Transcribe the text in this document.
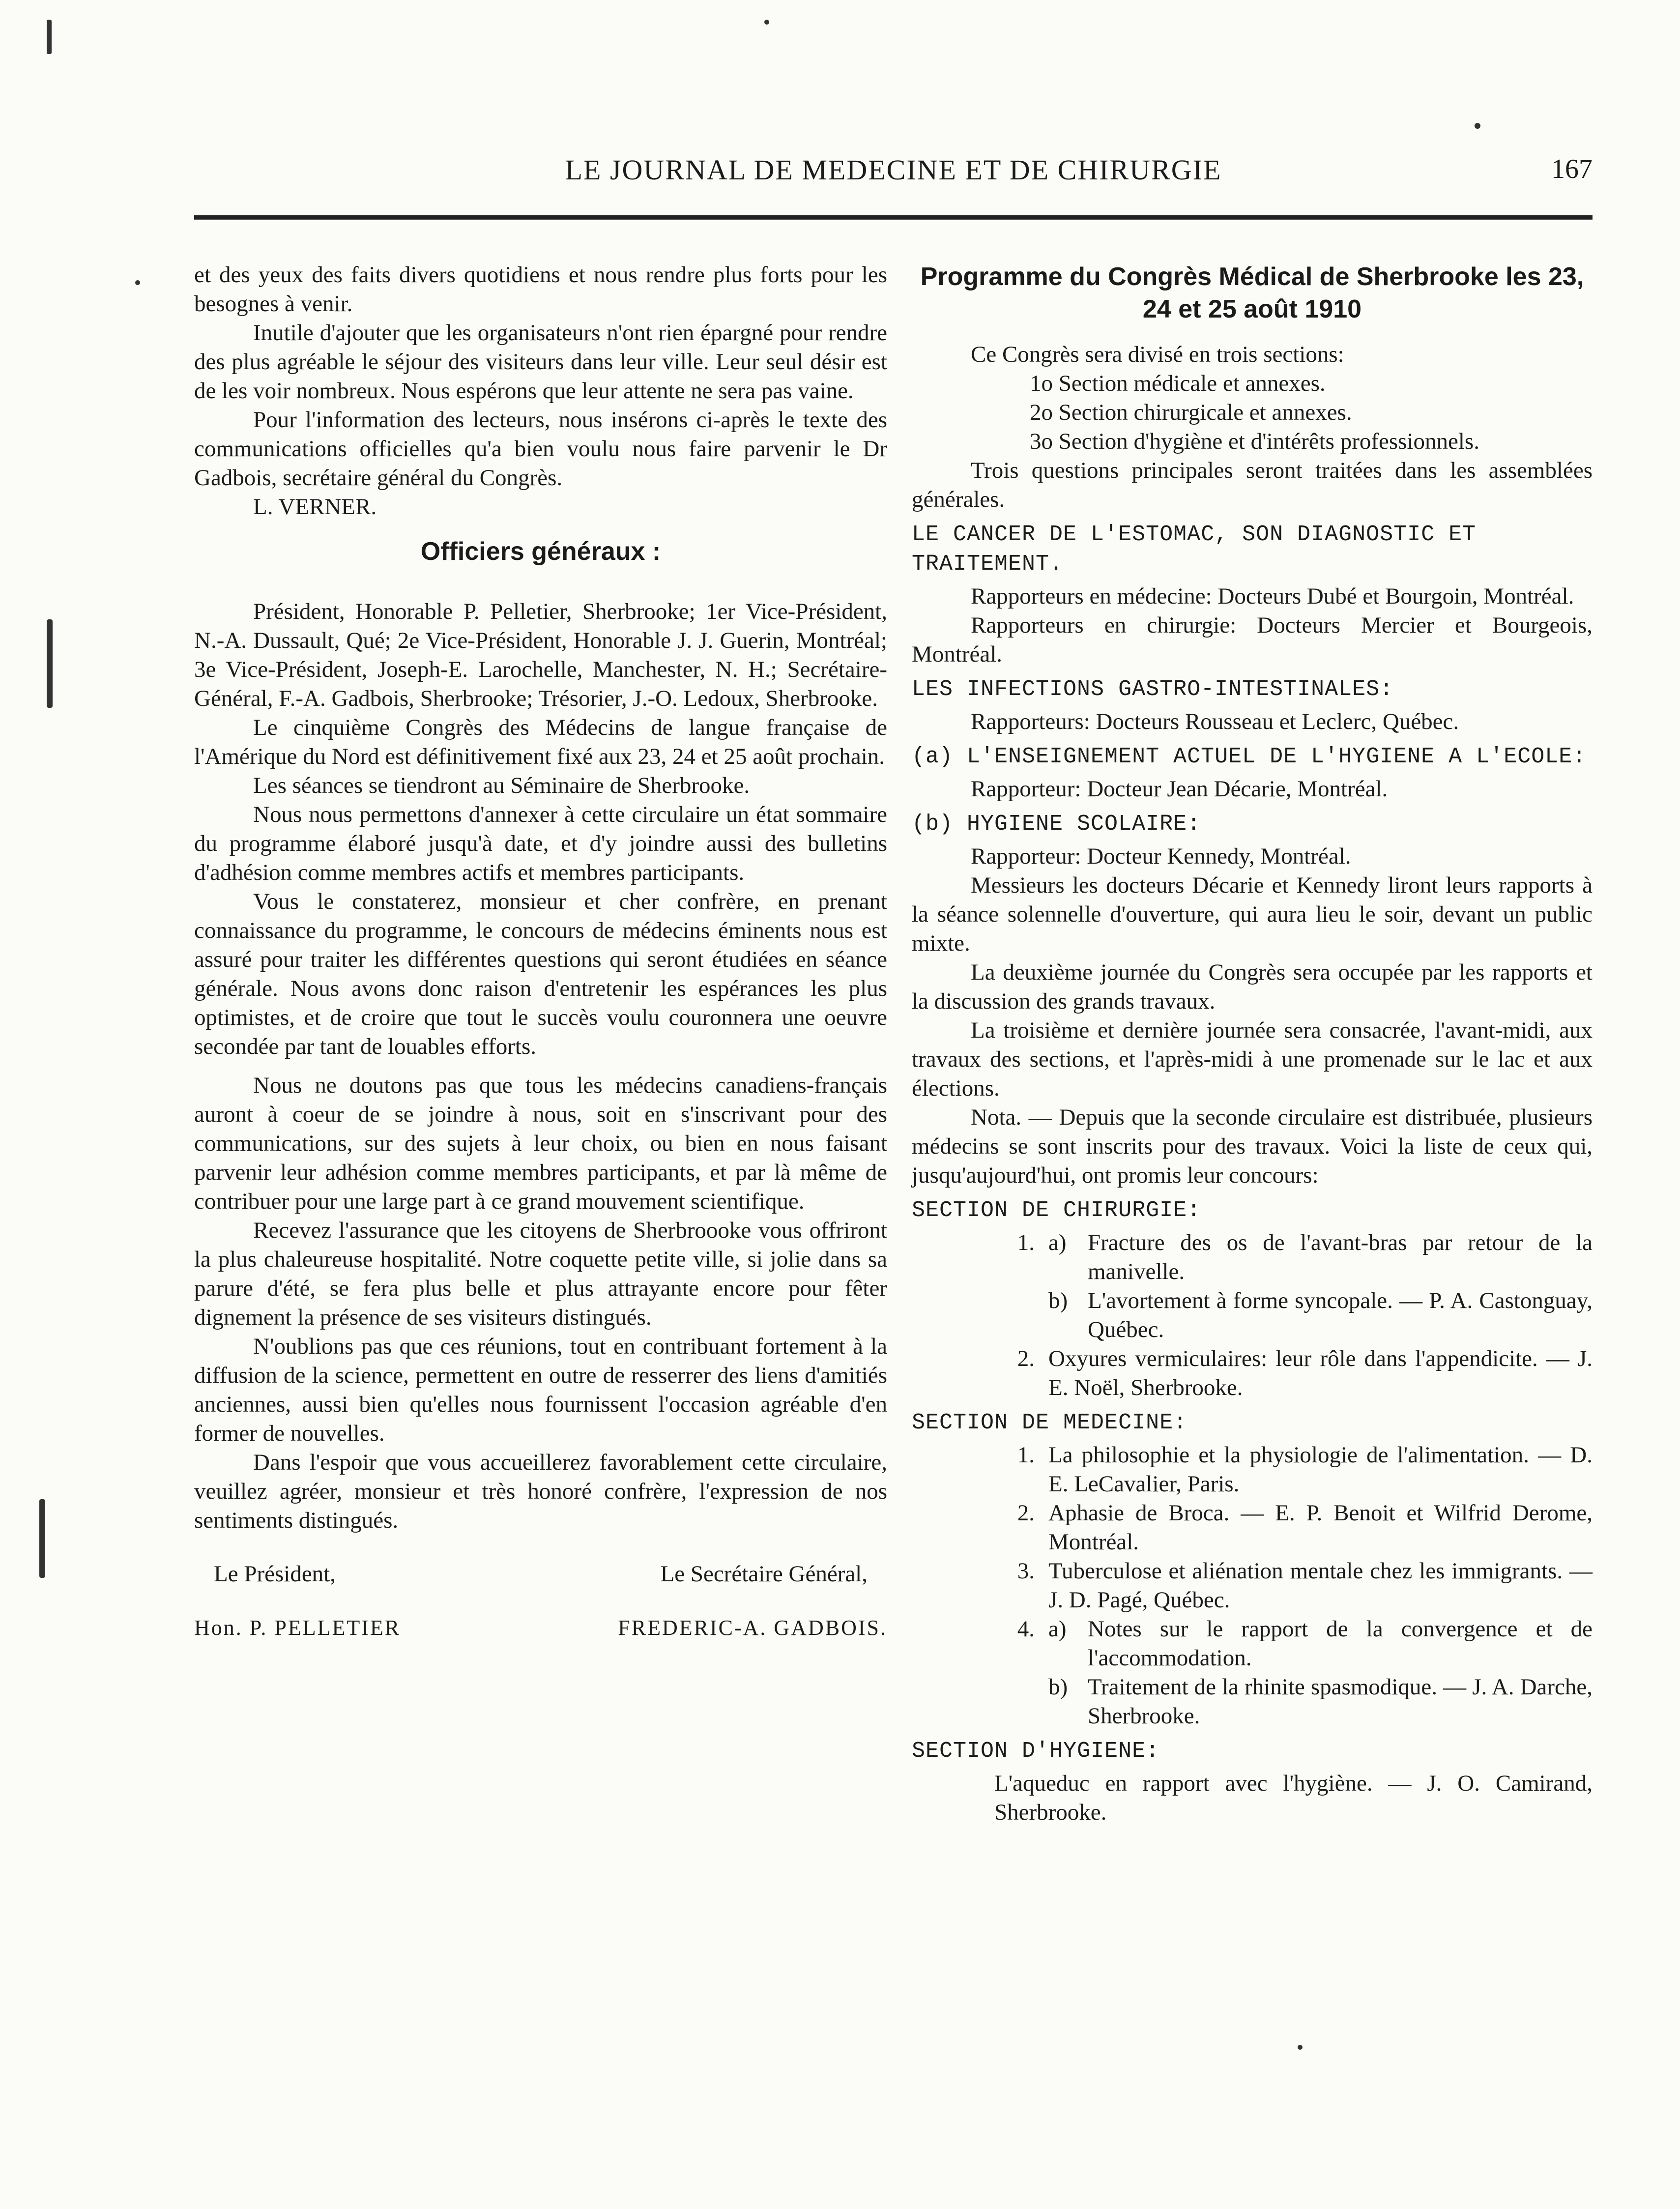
LE JOURNAL DE MEDECINE ET DE CHIRURGIE	167

et des yeux des faits divers quotidiens et nous rendre plus forts pour les besognes à venir.

Inutile d'ajouter que les organisateurs n'ont rien épargné pour rendre des plus agréable le séjour des visiteurs dans leur ville. Leur seul désir est de les voir nombreux. Nous espérons que leur attente ne sera pas vaine.

Pour l'information des lecteurs, nous insérons ci-après le texte des communications officielles qu'a bien voulu nous faire parvenir le Dr Gadbois, secrétaire général du Congrès.

L. VERNER.

Officiers généraux :

Président, Honorable P. Pelletier, Sherbrooke; 1er Vice-Président, N.-A. Dussault, Qué; 2e Vice-Président, Honorable J. J. Guerin, Montréal; 3e Vice-Président, Joseph-E. Larochelle, Manchester, N. H.; Secrétaire-Général, F.-A. Gadbois, Sherbrooke; Trésorier, J.-O. Ledoux, Sherbrooke.

Le cinquième Congrès des Médecins de langue française de l'Amérique du Nord est définitivement fixé aux 23, 24 et 25 août prochain.

Les séances se tiendront au Séminaire de Sherbrooke.

Nous nous permettons d'annexer à cette circulaire un état sommaire du programme élaboré jusqu'à date, et d'y joindre aussi des bulletins d'adhésion comme membres actifs et membres participants.

Vous le constaterez, monsieur et cher confrère, en prenant connaissance du programme, le concours de médecins éminents nous est assuré pour traiter les différentes questions qui seront étudiées en séance générale. Nous avons donc raison d'entretenir les espérances les plus optimistes, et de croire que tout le succès voulu couronnera une oeuvre secondée par tant de louables efforts.

Nous ne doutons pas que tous les médecins canadiens-français auront à coeur de se joindre à nous, soit en s'inscrivant pour des communications, sur des sujets à leur choix, ou bien en nous faisant parvenir leur adhésion comme membres participants, et par là même de contribuer pour une large part à ce grand mouvement scientifique.

Recevez l'assurance que les citoyens de Sherbroooke vous offriront la plus chaleureuse hospitalité. Notre coquette petite ville, si jolie dans sa parure d'été, se fera plus belle et plus attrayante encore pour fêter dignement la présence de ses visiteurs distingués.

N'oublions pas que ces réunions, tout en contribuant fortement à la diffusion de la science, permettent en outre de resserrer des liens d'amitiés anciennes, aussi bien qu'elles nous fournissent l'occasion agréable d'en former de nouvelles.

Dans l'espoir que vous accueillerez favorablement cette circulaire, veuillez agréer, monsieur et très honoré confrère, l'expression de nos sentiments distingués.

Le Président,
Hon. P. PELLETIER
Le Secrétaire Général,
FREDERIC-A. GADBOIS.
Programme du Congrès Médical de Sherbrooke les 23, 24 et 25 août 1910

Ce Congrès sera divisé en trois sections:

1o Section médicale et annexes.

2o Section chirurgicale et annexes.

3o Section d'hygiène et d'intérêts professionnels.

Trois questions principales seront traitées dans les assemblées générales.

LE CANCER DE L'ESTOMAC, SON DIAGNOSTIC ET TRAITEMENT.

Rapporteurs en médecine: Docteurs Dubé et Bourgoin, Montréal.

Rapporteurs en chirurgie: Docteurs Mercier et Bourgeois, Montréal.

LES INFECTIONS GASTRO-INTESTINALES:

Rapporteurs: Docteurs Rousseau et Leclerc, Québec.

(a) L'ENSEIGNEMENT ACTUEL DE L'HYGIENE A L'ECOLE:

Rapporteur: Docteur Jean Décarie, Montréal.

(b) HYGIENE SCOLAIRE:

Rapporteur: Docteur Kennedy, Montréal.

Messieurs les docteurs Décarie et Kennedy liront leurs rapports à la séance solennelle d'ouverture, qui aura lieu le soir, devant un public mixte.

La deuxième journée du Congrès sera occupée par les rapports et la discussion des grands travaux.

La troisième et dernière journée sera consacrée, l'avant-midi, aux travaux des sections, et l'après-midi à une promenade sur le lac et aux élections.

Nota. — Depuis que la seconde circulaire est distribuée, plusieurs médecins se sont inscrits pour des travaux. Voici la liste de ceux qui, jusqu'aujourd'hui, ont promis leur concours:

SECTION DE CHIRURGIE:
1. a) Fracture des os de l'avant-bras par retour de la manivelle.
b) L'avortement à forme syncopale. — P. A. Castonguay, Québec.
2. Oxyures vermiculaires: leur rôle dans l'appendicite. — J. E. Noël, Sherbrooke.
SECTION DE MEDECINE:
1. La philosophie et la physiologie de l'alimentation. — D. E. LeCavalier, Paris.
2. Aphasie de Broca. — E. P. Benoit et Wilfrid Derome, Montréal.
3. Tuberculose et aliénation mentale chez les immigrants. — J. D. Pagé, Québec.
4. a) Notes sur le rapport de la convergence et de l'accommodation.
b) Traitement de la rhinite spasmodique. — J. A. Darche, Sherbrooke.
SECTION D'HYGIENE:
L'aqueduc en rapport avec l'hygiène. — J. O. Camirand, Sherbrooke.
